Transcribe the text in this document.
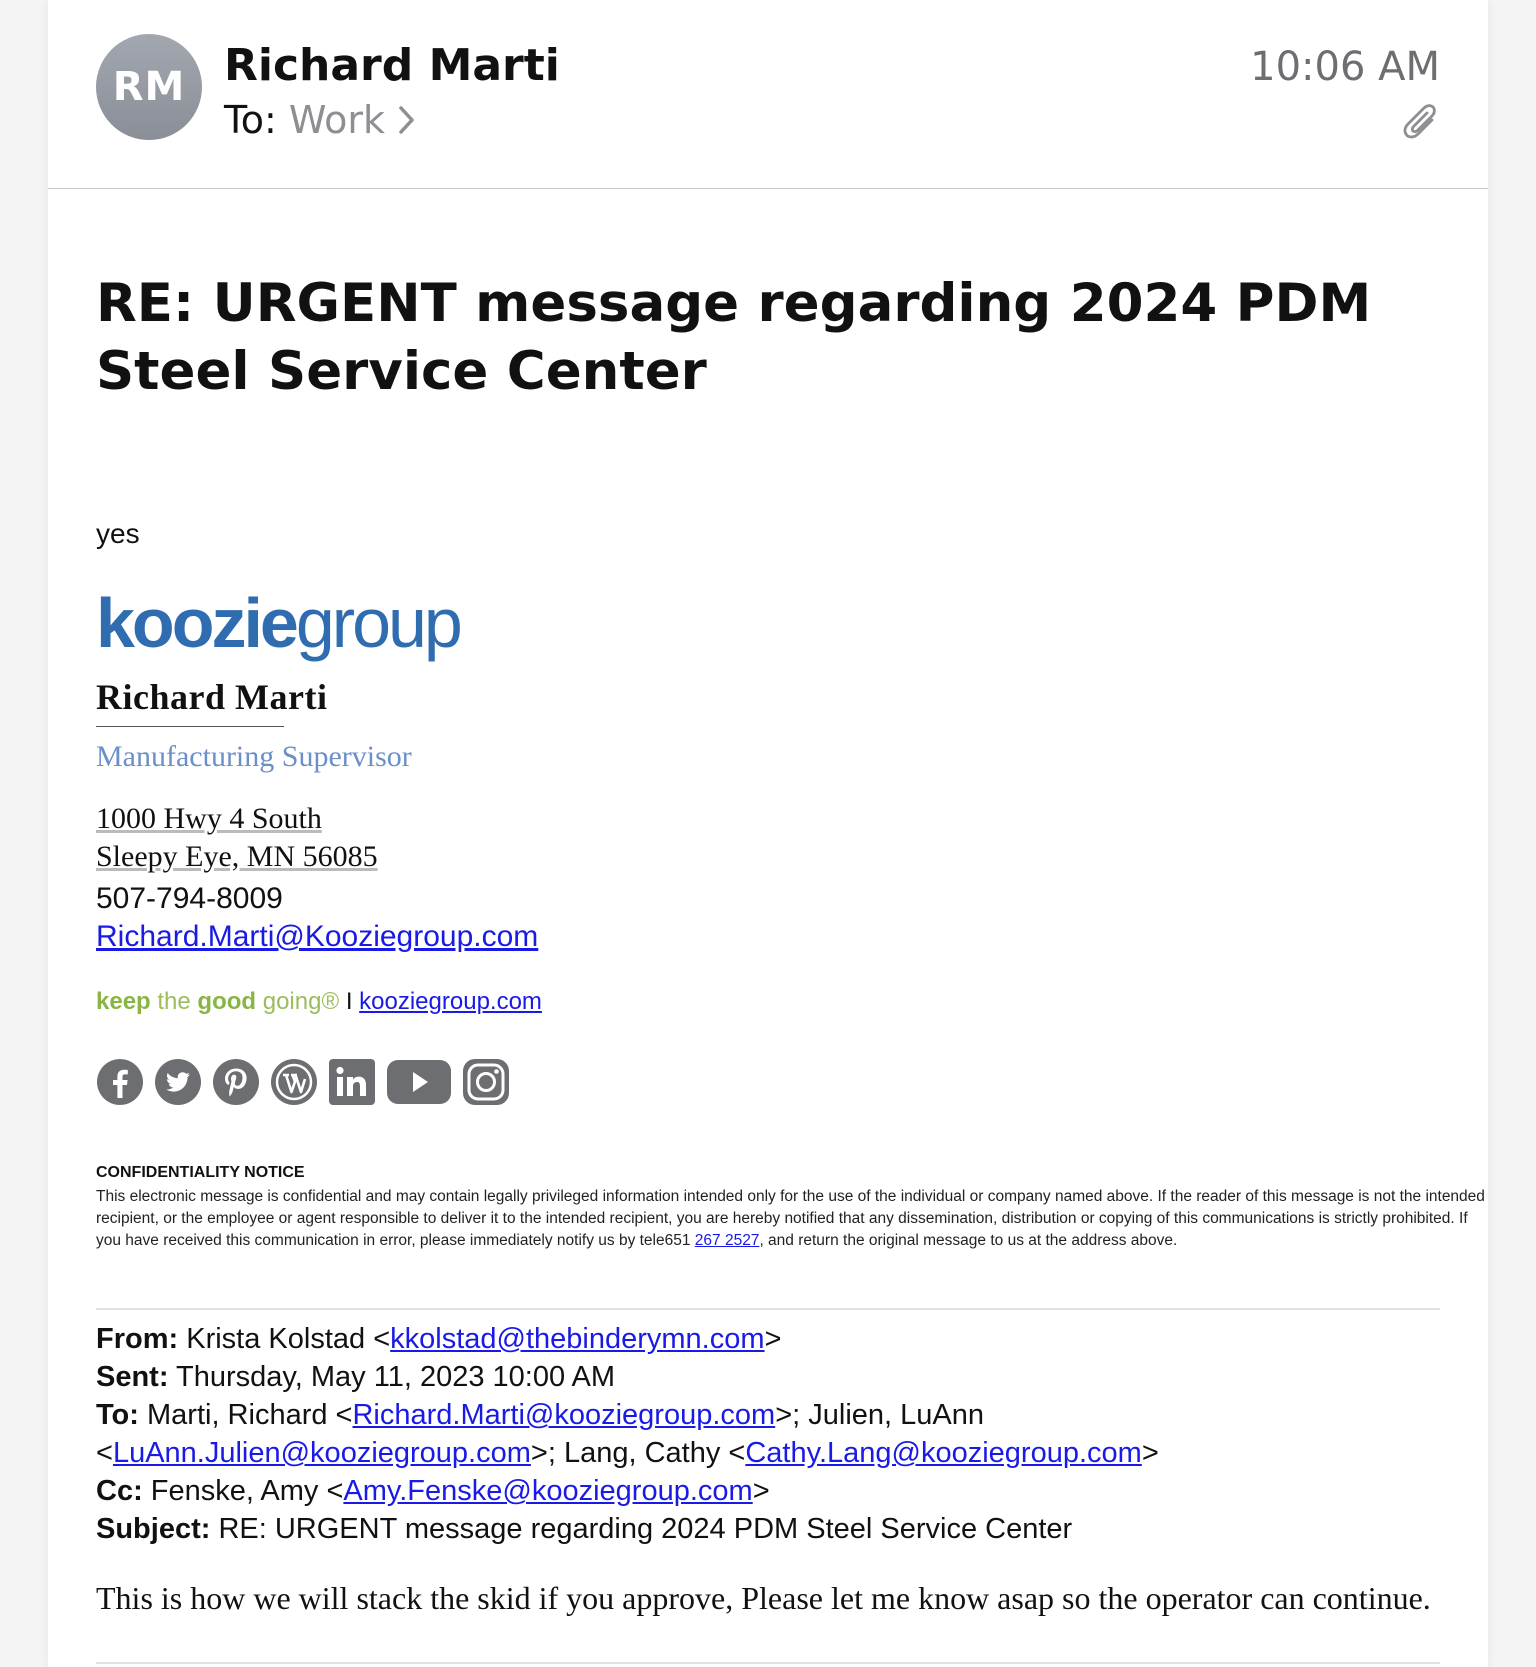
RM Richard Marti
To: Work
10:06 AM
RE: URGENT message regarding 2024 PDM Steel Service Center
yes
kooziegroup
Richard Marti
Manufacturing Supervisor
1000 Hwy 4 South
Sleepy Eye, MN 56085
507-794-8009
Richard.Marti@Kooziegroup.com
keep the good going® I kooziegroup.com
CONFIDENTIALITY NOTICE
This electronic message is confidential and may contain legally privileged information intended only for the use of the individual or company named above. If the reader of this message is not the intended recipient, or the employee or agent responsible to deliver it to the intended recipient, you are hereby notified that any dissemination, distribution or copying of this communications is strictly prohibited. If you have received this communication in error, please immediately notify us by tele651 267 2527, and return the original message to us at the address above.
From: Krista Kolstad <kkolstad@thebinderymn.com>
Sent: Thursday, May 11, 2023 10:00 AM
To: Marti, Richard <Richard.Marti@kooziegroup.com>; Julien, LuAnn
<LuAnn.Julien@kooziegroup.com>; Lang, Cathy <Cathy.Lang@kooziegroup.com>
Cc: Fenske, Amy <Amy.Fenske@kooziegroup.com>
Subject: RE: URGENT message regarding 2024 PDM Steel Service Center
This is how we will stack the skid if you approve, Please let me know asap so the operator can continue.
